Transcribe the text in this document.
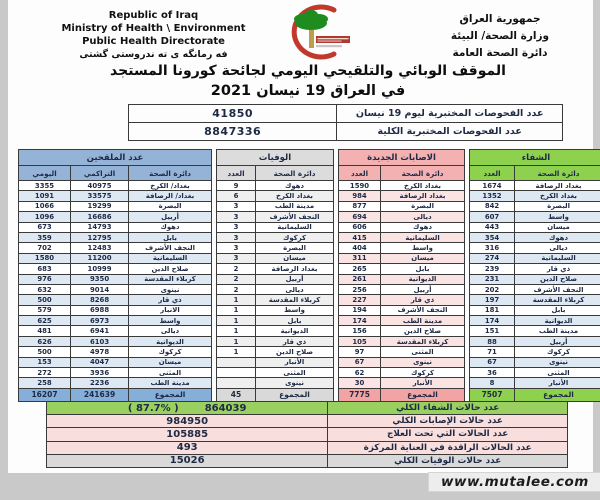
Republic of Iraq
Ministry of Health \ Environment
Public Health Directorate
فه رمانگه ی ته ندروستی گشتی
جمهورية العراق
وزارة الصحة/ البيئة
دائرة الصحة العامة
الموقف الوبائي والتلقيحي اليومي لجائحة كورونا المستجد
في العراق 19 نيسان 2021
عدد الفحوصات المختبرية ليوم 19 نيسان	41850
عدد الفحوصات المختبرية الكلية	8847336
عدد الملقحين		
دائرة الصحة	التراكمي	اليومي
بغداد/ الكرخ	40975	3355
بغداد/ الرصافة	33575	1091
البصرة	19299	1066
أربيل	16686	1096
دهوك	14793	673
بابل	12795	359
النجف الأشرف	12483	702
السليمانية	11200	1580
صلاح الدين	10999	683
كربلاء المقدسة	9350	976
نينوى	9014	632
ذي قار	8268	500
الانبار	6988	579
واسط	6973	625
ديالى	6941	481
الديوانية	6103	626
كركوك	4978	500
ميسان	4047	153
المثنى	3936	272
مدينة الطب	2236	258
المجموع	241639	16207
الوفيات	
دائرة الصحة	العدد
دهوك	9
بغداد الكرخ	6
مدينة الطب	3
النجف الأشرف	3
السليمانية	3
كركوك	3
البصرة	3
ميسان	3
بغداد الرصافة	2
أربيل	2
ديالى	2
كربلاء المقدسة	1
واسط	1
بابل	1
الديوانية	1
ذي قار	1
صلاح الدين	1
الأنبار	
المثنى	
نينوى	
المجموع	45
الاصابات الجديدة	
دائرة الصحة	العدد
بغداد الكرخ	1590
بغداد الرصافة	984
البصرة	877
ديالى	694
دهوك	606
السليمانية	415
واسط	404
ميسان	311
بابل	265
الديوانية	261
أربيل	256
ذي قار	227
النجف الأشرف	194
مدينة الطب	174
صلاح الدين	156
كربلاء المقدسة	105
المثنى	97
نينوى	67
كركوك	62
الأنبار	30
المجموع	7775
الشفاء	
دائرة الصحة	العدد
بغداد الرصافة	1674
بغداد الكرخ	1352
البصرة	842
واسط	607
ميسان	443
دهوك	354
ديالى	316
السليمانية	274
ذي قار	239
صلاح الدين	231
النجف الأشرف	202
كربلاء المقدسة	197
بابل	181
الديوانية	174
مدينة الطب	151
أربيل	88
كركوك	71
نينوى	67
المثنى	36
الأنبار	8
المجموع	7507
عدد حالات الشفاء الكلي	( 87.7% ) 864039
عدد حالات الإصابات الكلي	984950
عدد الحالات التي تحت العلاج	105885
عدد الحالات الراقدة في العناية المركزة	493
عدد حالات الوفيات الكلي	15026
www.mutalee.com
